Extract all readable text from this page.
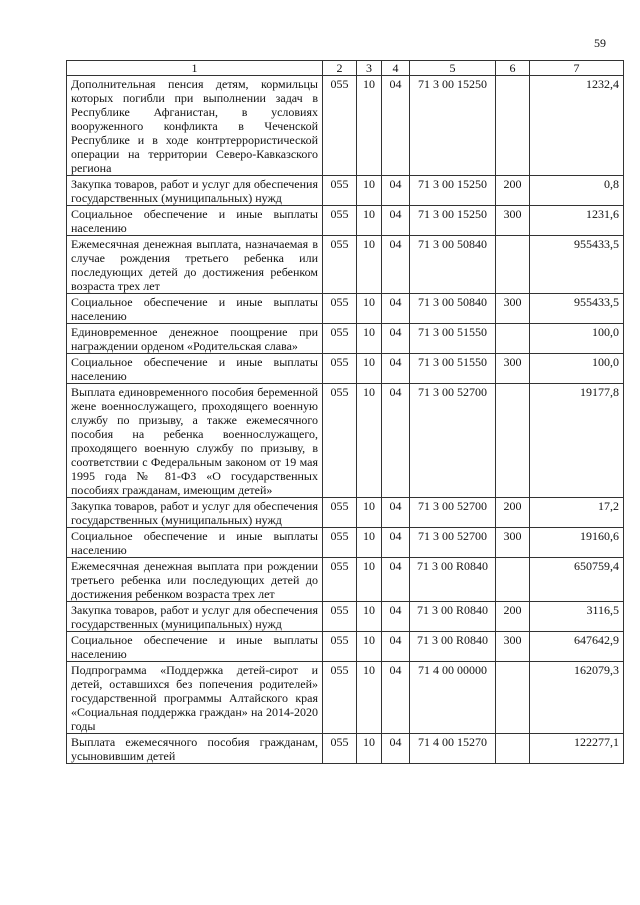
59
1	2	3	4	5	6	7
Дополнительная пенсия детям, кормильцы которых погибли при выполнении задач в Республике Афганистан, в условиях вооруженного конфликта в Чеченской Республике и в ходе контртеррористической операции на территории Северо-Кавказского региона	055	10	04	71 3 00 15250		1232,4
Закупка товаров, работ и услуг для обеспечения государственных (муниципальных) нужд	055	10	04	71 3 00 15250	200	0,8
Социальное обеспечение и иные выплаты населению	055	10	04	71 3 00 15250	300	1231,6
Ежемесячная денежная выплата, назначаемая в случае рождения третьего ребенка или последующих детей до достижения ребенком возраста трех лет	055	10	04	71 3 00 50840		955433,5
Социальное обеспечение и иные выплаты населению	055	10	04	71 3 00 50840	300	955433,5
Единовременное денежное поощрение при награждении орденом «Родительская слава»	055	10	04	71 3 00 51550		100,0
Социальное обеспечение и иные выплаты населению	055	10	04	71 3 00 51550	300	100,0
Выплата единовременного пособия беременной жене военнослужащего, проходящего военную службу по призыву, а также ежемесячного пособия на ребенка военнослужащего, проходящего военную службу по призыву, в соответствии с Федеральным законом от 19 мая 1995 года № 81-ФЗ «О государственных пособиях гражданам, имеющим детей»	055	10	04	71 3 00 52700		19177,8
Закупка товаров, работ и услуг для обеспечения государственных (муниципальных) нужд	055	10	04	71 3 00 52700	200	17,2
Социальное обеспечение и иные выплаты населению	055	10	04	71 3 00 52700	300	19160,6
Ежемесячная денежная выплата при рождении третьего ребенка или последующих детей до достижения ребенком возраста трех лет	055	10	04	71 3 00 R0840		650759,4
Закупка товаров, работ и услуг для обеспечения государственных (муниципальных) нужд	055	10	04	71 3 00 R0840	200	3116,5
Социальное обеспечение и иные выплаты населению	055	10	04	71 3 00 R0840	300	647642,9
Подпрограмма «Поддержка детей-сирот и детей, оставшихся без попечения родителей» государственной программы Алтайского края «Социальная поддержка граждан» на 2014-2020 годы	055	10	04	71 4 00 00000		162079,3
Выплата ежемесячного пособия гражданам, усыновившим детей	055	10	04	71 4 00 15270		122277,1
